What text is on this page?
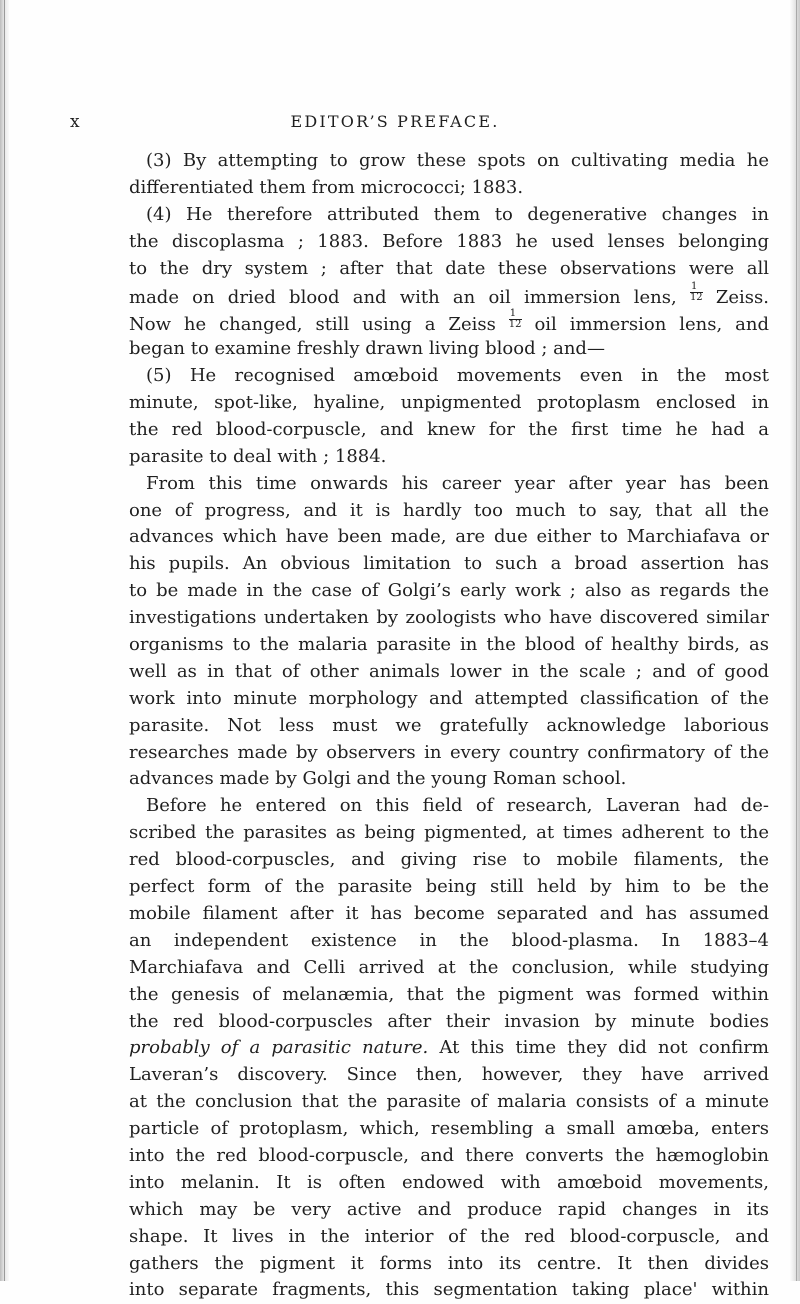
x	EDITOR’S PREFACE.
(3) By attempting to grow these spots on cultivating media he
differentiated them from micrococci; 1883.
(4) He therefore attributed them to degenerative changes in
the discoplasma ; 1883. Before 1883 he used lenses belonging
to the dry system ; after that date these observations were all
made on dried blood and with an oil immersion lens, $\frac{1}{12}$ Zeiss.
Now he changed, still using a Zeiss $\frac{1}{12}$ oil immersion lens, and
began to examine freshly drawn living blood ; and—
(5) He recognised amœboid movements even in the most
minute, spot-like, hyaline, unpigmented protoplasm enclosed in
the red blood-corpuscle, and knew for the first time he had a
parasite to deal with ; 1884.
From this time onwards his career year after year has been
one of progress, and it is hardly too much to say, that all the
advances which have been made, are due either to Marchiafava or
his pupils. An obvious limitation to such a broad assertion has
to be made in the case of Golgi’s early work ; also as regards the
investigations undertaken by zoologists who have discovered similar
organisms to the malaria parasite in the blood of healthy birds, as
well as in that of other animals lower in the scale ; and of good
work into minute morphology and attempted classification of the
parasite. Not less must we gratefully acknowledge laborious
researches made by observers in every country confirmatory of the
advances made by Golgi and the young Roman school.
Before he entered on this field of research, Laveran had de-
scribed the parasites as being pigmented, at times adherent to the
red blood-corpuscles, and giving rise to mobile filaments, the
perfect form of the parasite being still held by him to be the
mobile filament after it has become separated and has assumed
an independent existence in the blood-plasma. In 1883–4
Marchiafava and Celli arrived at the conclusion, while studying
the genesis of melanæmia, that the pigment was formed within
the red blood-corpuscles after their invasion by minute bodies
probably of a parasitic nature. At this time they did not confirm
Laveran’s discovery. Since then, however, they have arrived
at the conclusion that the parasite of malaria consists of a minute
particle of protoplasm, which, resembling a small amœba, enters
into the red blood-corpuscle, and there converts the hæmoglobin
into melanin. It is often endowed with amœboid movements,
which may be very active and produce rapid changes in its
shape. It lives in the interior of the red blood-corpuscle, and
gathers the pigment it forms into its centre. It then divides
into separate fragments, this segmentation taking place' within
